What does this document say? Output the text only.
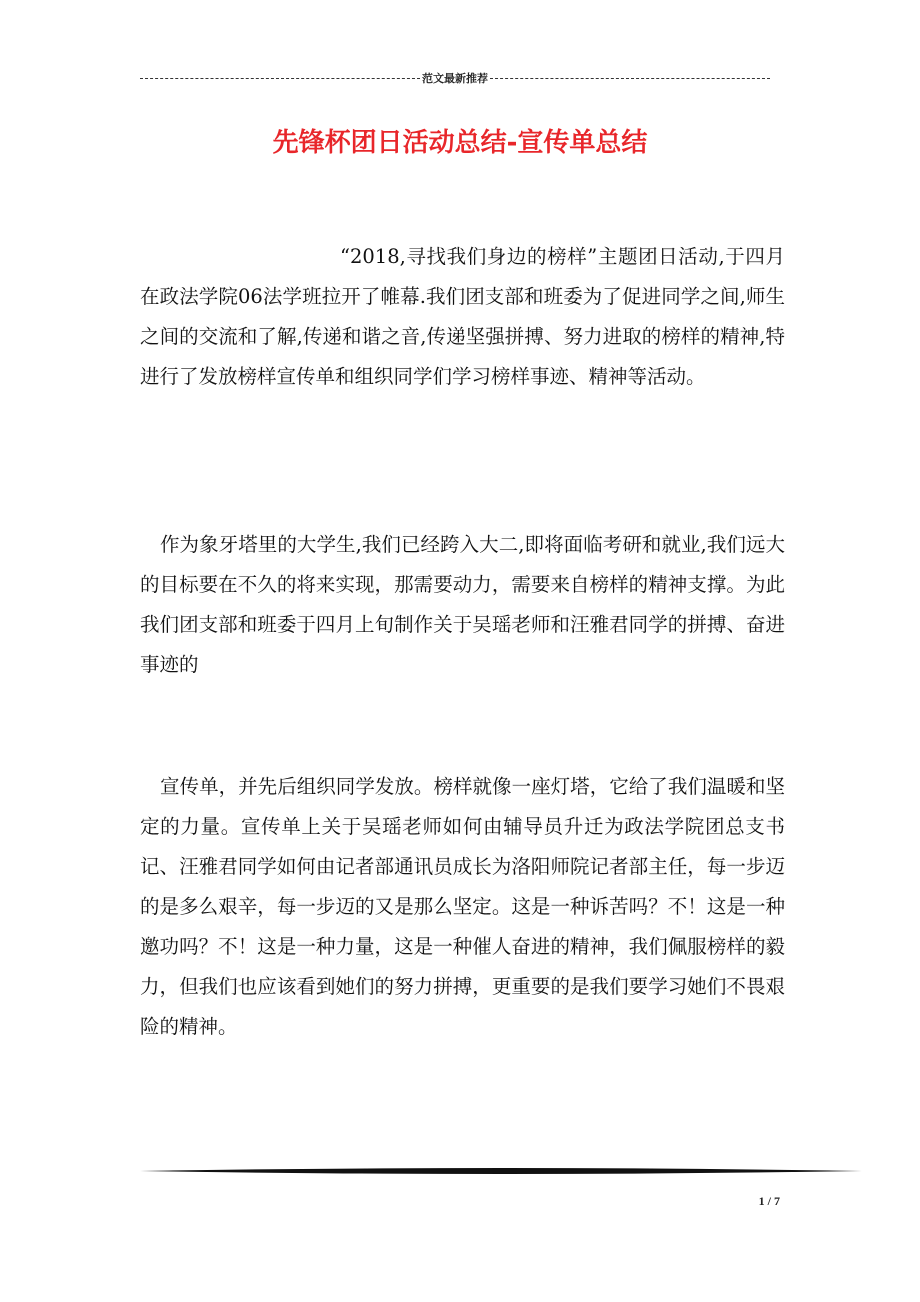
范文最新推荐
先锋杯团日活动总结-宣传单总结

“2018,寻找我们身边的榜样”主题团日活动,于四月在政法学院06法学班拉开了帷幕.我们团支部和班委为了促进同学之间,师生之间的交流和了解,传递和谐之音,传递坚强拼搏、努力进取的榜样的精神,特进行了发放榜样宣传单和组织同学们学习榜样事迹、精神等活动。

作为象牙塔里的大学生,我们已经跨入大二,即将面临考研和就业,我们远大的目标要在不久的将来实现，那需要动力，需要来自榜样的精神支撑。为此我们团支部和班委于四月上旬制作关于吴瑶老师和汪雅君同学的拼搏、奋进事迹的

宣传单，并先后组织同学发放。榜样就像一座灯塔，它给了我们温暖和坚定的力量。宣传单上关于吴瑶老师如何由辅导员升迁为政法学院团总支书记、汪雅君同学如何由记者部通讯员成长为洛阳师院记者部主任，每一步迈的是多么艰辛，每一步迈的又是那么坚定。这是一种诉苦吗？不！这是一种邀功吗？不！这是一种力量，这是一种催人奋进的精神，我们佩服榜样的毅力，但我们也应该看到她们的努力拼搏，更重要的是我们要学习她们不畏艰险的精神。

1 / 7
